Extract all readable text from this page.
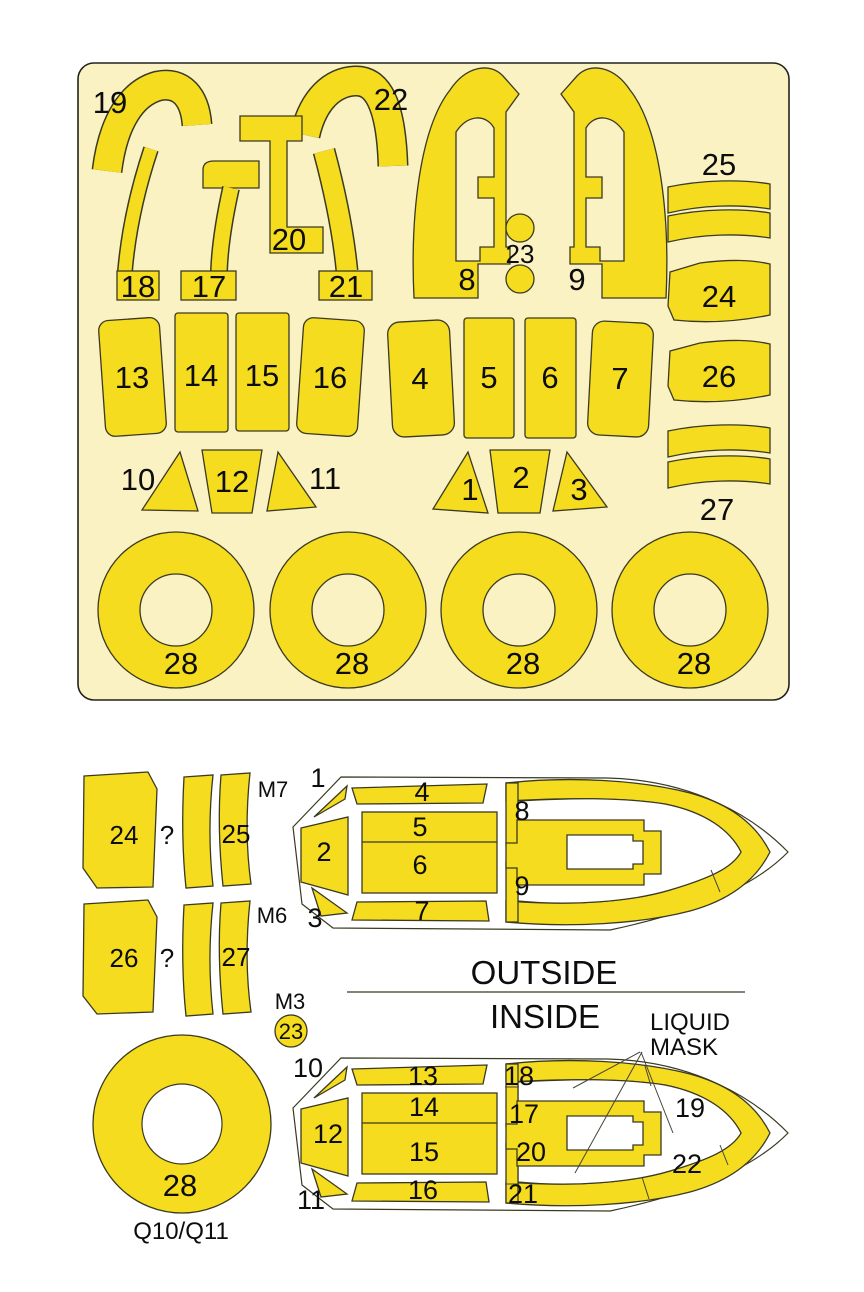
19	22
18 17
20
21	8	9
23
25
24
26
27
13 14 15 16 4 5 6 7
10 12 11	1 2 3
28	28	28	28
24 ? 25
M7
26 ? 27
M6
M3
23
28
Q10/Q11
1
2
3
4
5
6
7
8
9
OUTSIDE
INSIDE LIQUID
MASK
10
12
11
13
14
15
16
18
17
20
21
19
22
